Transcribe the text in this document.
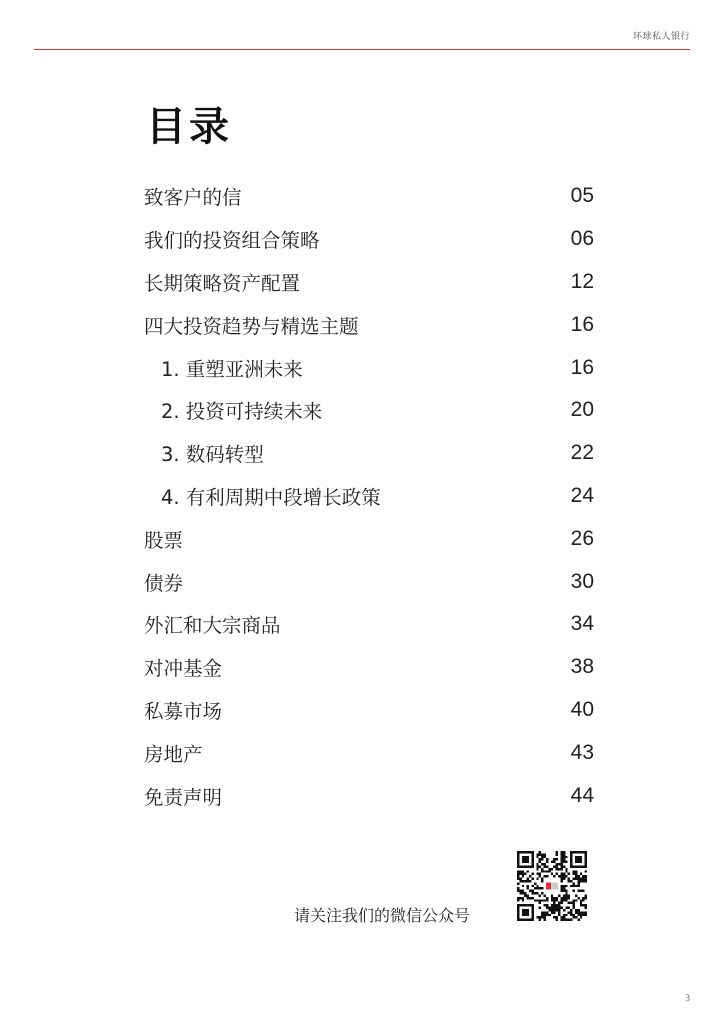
环球私人银行
目录
致客户的信	05
我们的投资组合策略	06
长期策略资产配置	12
四大投资趋势与精选主题	16
1. 重塑亚洲未来	16
2. 投资可持续未来	20
3. 数码转型	22
4. 有利周期中段增长政策	24
股票	26
债券	30
外汇和大宗商品	34
对冲基金	38
私募市场	40
房地产	43
免责声明	44
请关注我们的微信公众号
3
